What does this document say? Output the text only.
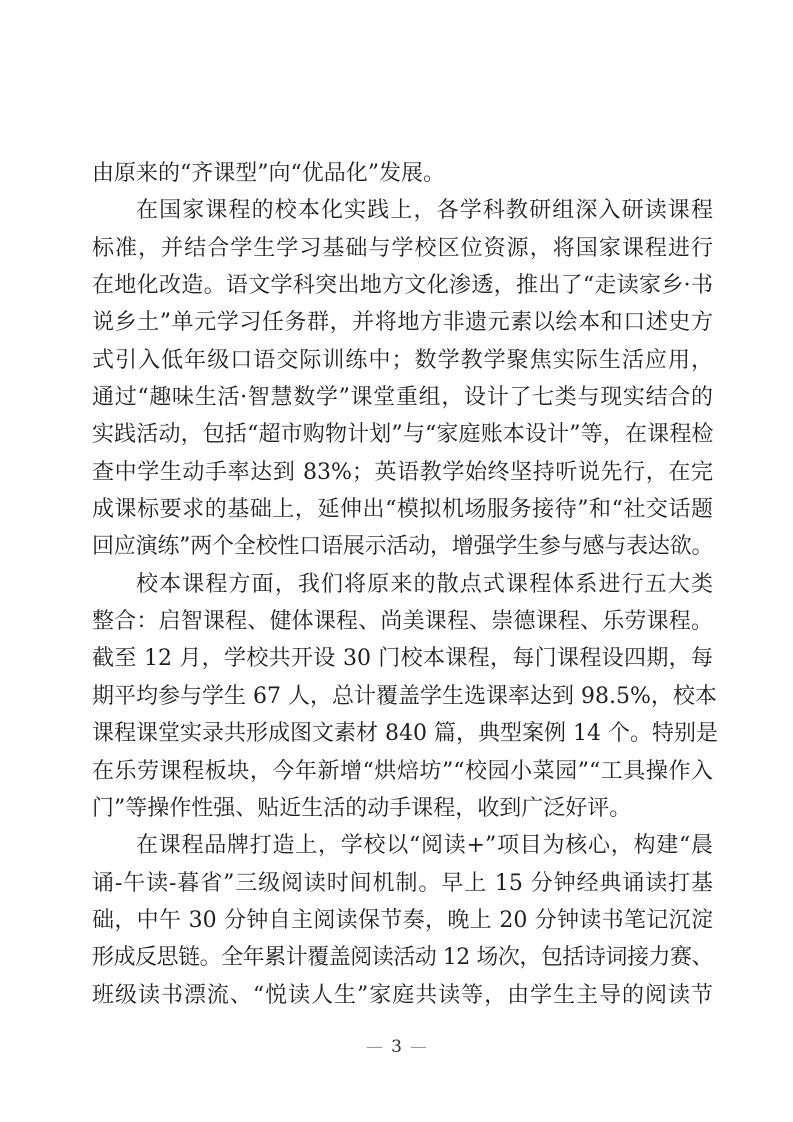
由原来的“齐课型”向“优品化”发展。
在国家课程的校本化实践上，各学科教研组深入研读课程
标准，并结合学生学习基础与学校区位资源，将国家课程进行
在地化改造。语文学科突出地方文化渗透，推出了“走读家乡·书
说乡土”单元学习任务群，并将地方非遗元素以绘本和口述史方
式引入低年级口语交际训练中；数学教学聚焦实际生活应用，
通过“趣味生活·智慧数学”课堂重组，设计了七类与现实结合的
实践活动，包括“超市购物计划”与“家庭账本设计”等，在课程检
查中学生动手率达到 83%；英语教学始终坚持听说先行，在完
成课标要求的基础上，延伸出“模拟机场服务接待”和“社交话题
回应演练”两个全校性口语展示活动，增强学生参与感与表达欲。
校本课程方面，我们将原来的散点式课程体系进行五大类
整合：启智课程、健体课程、尚美课程、崇德课程、乐劳课程。
截至 12 月，学校共开设 30 门校本课程，每门课程设四期，每
期平均参与学生 67 人，总计覆盖学生选课率达到 98.5%，校本
课程课堂实录共形成图文素材 840 篇，典型案例 14 个。特别是
在乐劳课程板块，今年新增“烘焙坊”“校园小菜园”“工具操作入
门”等操作性强、贴近生活的动手课程，收到广泛好评。
在课程品牌打造上，学校以“阅读+”项目为核心，构建“晨
诵-午读-暮省”三级阅读时间机制。早上 15 分钟经典诵读打基
础，中午 30 分钟自主阅读保节奏，晚上 20 分钟读书笔记沉淀
形成反思链。全年累计覆盖阅读活动 12 场次，包括诗词接力赛、
班级读书漂流、“悦读人生”家庭共读等，由学生主导的阅读节
— 3 —
